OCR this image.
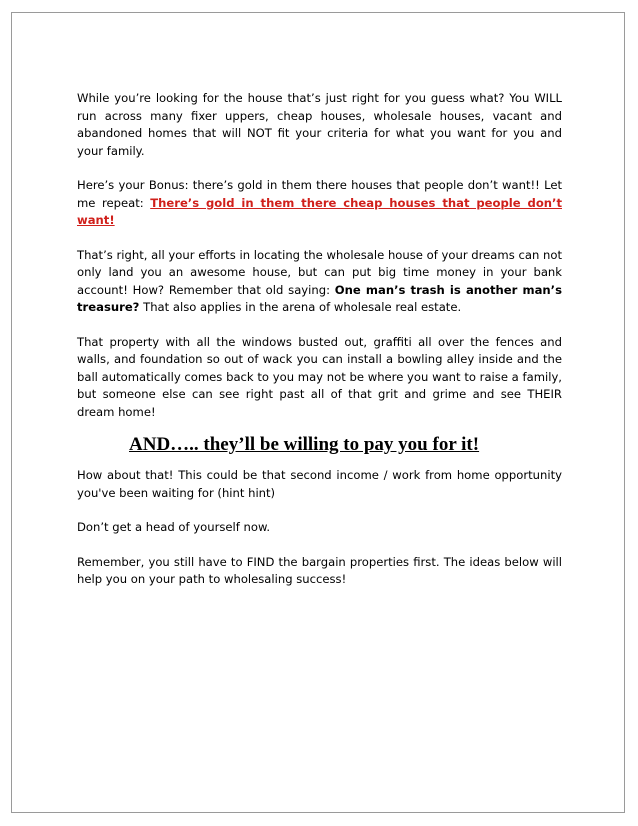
While you’re looking for the house that’s just right for you guess what? You WILL run across many fixer uppers, cheap houses, wholesale houses, vacant and abandoned homes that will NOT fit your criteria for what you want for you and your family.

Here’s your Bonus: there’s gold in them there houses that people don’t want!! Let me repeat: There’s gold in them there cheap houses that people don’t want!

That’s right, all your efforts in locating the wholesale house of your dreams can not only land you an awesome house, but can put big time money in your bank account! How? Remember that old saying: One man’s trash is another man’s treasure? That also applies in the arena of wholesale real estate.

That property with all the windows busted out, graffiti all over the fences and walls, and foundation so out of wack you can install a bowling alley inside and the ball automatically comes back to you may not be where you want to raise a family, but someone else can see right past all of that grit and grime and see THEIR dream home!

AND….. they’ll be willing to pay you for it!

How about that! This could be that second income / work from home opportunity you've been waiting for (hint hint)

Don’t get a head of yourself now.

Remember, you still have to FIND the bargain properties first. The ideas below will help you on your path to wholesaling success!
